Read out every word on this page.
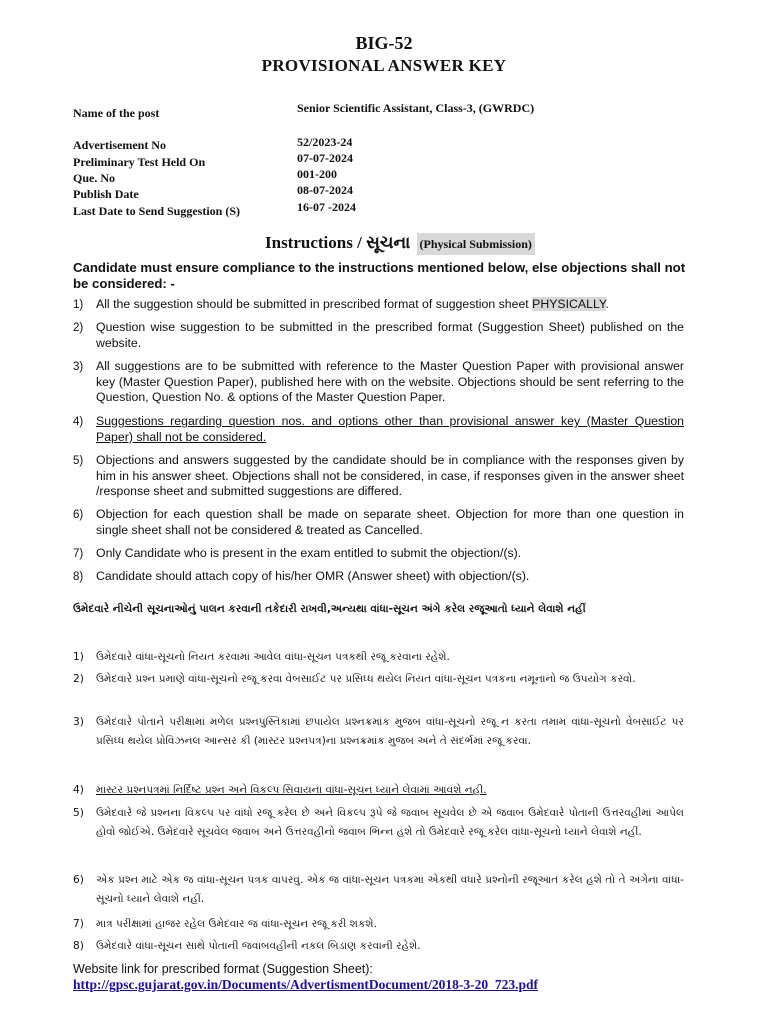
BIG-52
PROVISIONAL ANSWER KEY
Name of the post	Senior Scientific Assistant, Class-3, (GWRDC)
Advertisement No	52/2023-24
Preliminary Test Held On	07-07-2024
Que. No	001-200
Publish Date	08-07-2024
Last Date to Send Suggestion (S)	16-07 -2024
Instructions / સૂચના (Physical Submission)
Candidate must ensure compliance to the instructions mentioned below, else objections shall not be considered: -
1) All the suggestion should be submitted in prescribed format of suggestion sheet PHYSICALLY.
2) Question wise suggestion to be submitted in the prescribed format (Suggestion Sheet) published on the website.
3) All suggestions are to be submitted with reference to the Master Question Paper with provisional answer key (Master Question Paper), published here with on the website. Objections should be sent referring to the Question, Question No. & options of the Master Question Paper.
4) Suggestions regarding question nos. and options other than provisional answer key (Master Question Paper) shall not be considered.
5) Objections and answers suggested by the candidate should be in compliance with the responses given by him in his answer sheet. Objections shall not be considered, in case, if responses given in the answer sheet /response sheet and submitted suggestions are differed.
6) Objection for each question shall be made on separate sheet. Objection for more than one question in single sheet shall not be considered & treated as Cancelled.
7) Only Candidate who is present in the exam entitled to submit the objection/(s).
8) Candidate should attach copy of his/her OMR (Answer sheet) with objection/(s).
ઉમેદવારે નીચેની સૂચનાઓનું પાલન કરવાની તકેદારી રાખવી,અન્યથા વાંધા-સૂચન અંગે કરેલ રજૂઆતો ધ્યાને લેવાશે નહીં
1) ઉમેદવારે વાંધા-સૂચનો નિયત કરવામાં આવેલ વાંધા-સૂચન પત્રકથી રજૂ કરવાના રહેશે.
2) ઉમેદવારે પ્રશ્ન પ્રમાણે વાંધા-સૂચનો રજૂ કરવા વેબસાઈટ પર પ્રસિધ્ધ થયેલ નિયત વાંધા-સૂચન પત્રકના નમૂનાનો જ ઉપયોગ કરવો.
3) ઉમેદવારે પોતાને પરીક્ષામાં મળેલ પ્રશ્નપુસ્તિકામાં છપાયેલ પ્રશ્નક્રમાંક મુજબ વાંધા-સૂચનો રજૂ ન કરતા તમામ વાંધા-સૂચનો વેબસાઈટ પર પ્રસિધ્ધ થયેલ પ્રોવિઝનલ આન્સર કી (માસ્ટર પ્રશ્નપત્ર)ના પ્રશ્નક્રમાંક મુજબ અને તે સંદર્ભમાં રજૂ કરવા.
4) માસ્ટર પ્રશ્નપત્રમાં નિર્દિષ્ટ પ્રશ્ન અને વિકલ્પ સિવાયના વાંધા-સૂચન ધ્યાને લેવામાં આવશે નહી.
5) ઉમેદવારે જે પ્રશ્નના વિકલ્પ પર વાંધો રજૂ કરેલ છે અને વિકલ્પ રૂપે જે જવાબ સૂચવેલ છે એ જવાબ ઉમેદવારે પોતાની ઉત્તરવહીમાં આપેલ હોવો જોઈએ. ઉમેદવારે સૂચવેલ જવાબ અને ઉત્તરવહીનો જવાબ ભિન્ન હશે તો ઉમેદવારે રજૂ કરેલ વાંધા-સૂચનો ધ્યાને લેવાશે નહીં.
6) એક પ્રશ્ન માટે એક જ વાંધા-સૂચન પત્રક વાપરવું. એક જ વાંધા-સૂચન પત્રકમાં એકથી વધારે પ્રશ્નોની રજૂઆત કરેલ હશે તો તે અંગેના વાંધા-સૂચનો ધ્યાને લેવાશે નહીં.
7) માત્ર પરીક્ષામાં હાજર રહેલ ઉમેદવાર જ વાંધા-સૂચન રજૂ કરી શકશે.
8) ઉમેદવારે વાંધા-સૂચન સાથે પોતાની જવાબવહીની નકલ બિડાણ કરવાની રહેશે.
Website link for prescribed format (Suggestion Sheet):
http://gpsc.gujarat.gov.in/Documents/AdvertismentDocument/2018-3-20_723.pdf
